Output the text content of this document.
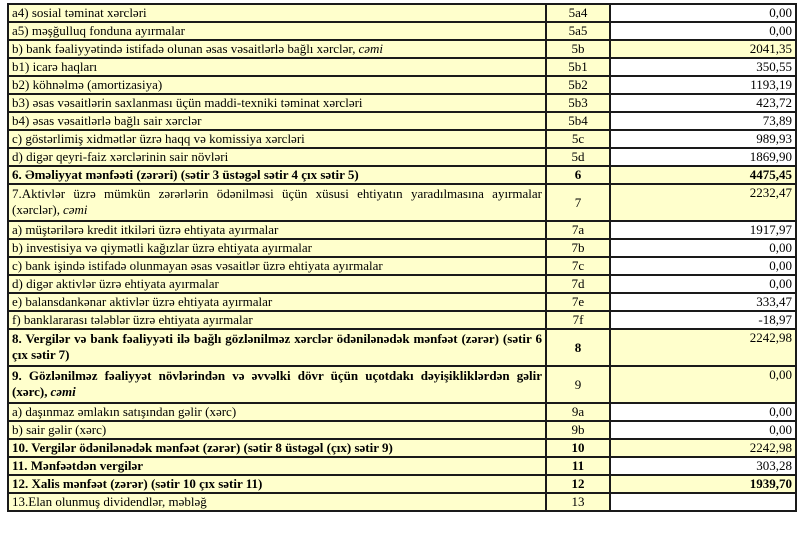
a4) sosial təminat xərcləri	5a4	0,00
a5) məşğulluq fonduna ayırmalar	5a5	0,00
b) bank fəaliyyətində istifadə olunan əsas vəsaitlərlə bağlı xərclər, cəmi	5b	2041,35
b1) icarə haqları	5b1	350,55
b2) köhnəlmə (amortizasiya)	5b2	1193,19
b3) əsas vəsaitlərin saxlanması üçün maddi-texniki təminat xərcləri	5b3	423,72
b4) əsas vəsaitlərlə bağlı sair xərclər	5b4	73,89
c) göstərlimiş xidmətlər üzrə haqq və komissiya xərcləri	5c	989,93
d) digər qeyri-faiz xərclərinin sair növləri	5d	1869,90
6. Əməliyyat mənfəəti (zərəri) (sətir 3 üstəgəl sətir 4 çıx sətir 5)	6	4475,45
7.Aktivlər üzrə mümkün zərərlərin ödənilməsi üçün xüsusi ehtiyatın yaradılmasına ayırmalar (xərclər), cəmi	7	2232,47
a) müştərilərə kredit itkiləri üzrə ehtiyata ayırmalar	7a	1917,97
b) investisiya və qiymətli kağızlar üzrə ehtiyata ayırmalar	7b	0,00
c) bank işində istifadə olunmayan əsas vəsaitlər üzrə ehtiyata ayırmalar	7c	0,00
d) digər aktivlər üzrə ehtiyata ayırmalar	7d	0,00
e) balansdankənar aktivlər üzrə ehtiyata ayırmalar	7e	333,47
f) banklararası tələblər üzrə ehtiyata ayırmalar	7f	-18,97
8. Vergilər və bank fəaliyyəti ilə bağlı gözlənilməz xərclər ödənilənədək mənfəət (zərər) (sətir 6 çıx sətir 7)	8	2242,98
9. Gözlənilməz fəaliyyət növlərindən və əvvəlki dövr üçün uçotdakı dəyişikliklərdən gəlir (xərc), cəmi	9	0,00
a) daşınmaz əmlakın satışından gəlir (xərc)	9a	0,00
b) sair gəlir (xərc)	9b	0,00
10. Vergilər ödənilənədək mənfəət (zərər) (sətir 8 üstəgəl (çıx) sətir 9)	10	2242,98
11. Mənfəətdən vergilər	11	303,28
12. Xalis mənfəət (zərər) (sətir 10 çıx sətir 11)	12	1939,70
13.Elan olunmuş dividendlər, məbləğ	13	
